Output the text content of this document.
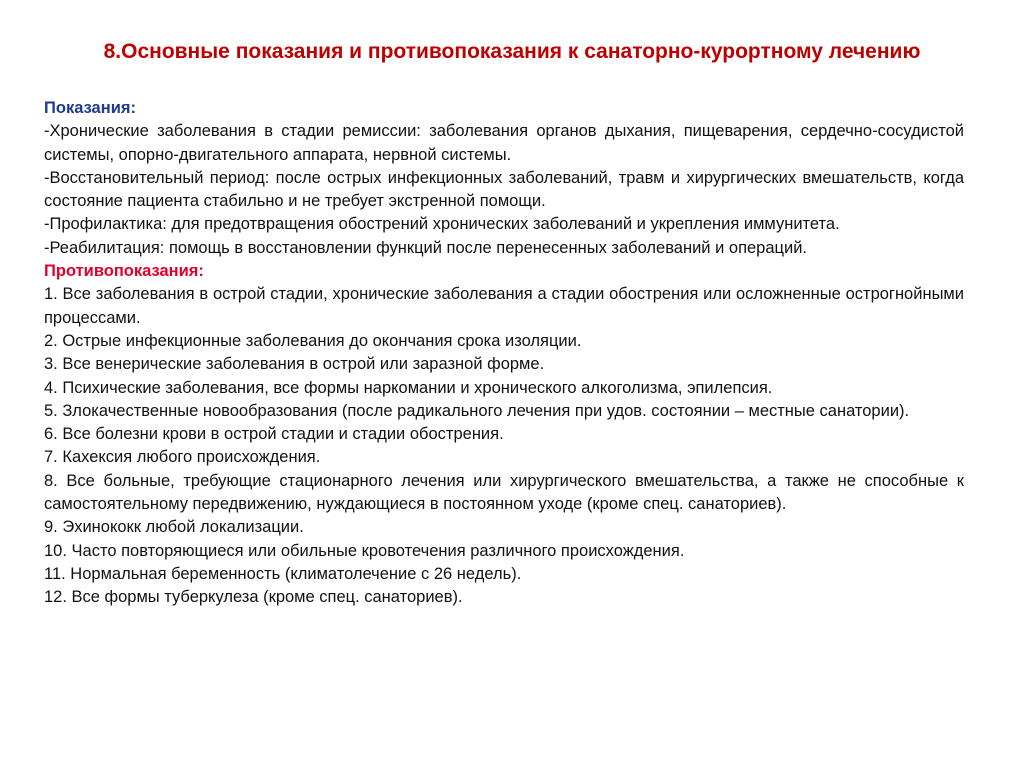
8.Основные показания и противопоказания к санаторно-курортному лечению

Показания:

-Хронические заболевания в стадии ремиссии: заболевания органов дыхания, пищеварения, сердечно-сосудистой системы, опорно-двигательного аппарата, нервной системы.

-Восстановительный период: после острых инфекционных заболеваний, травм и хирургических вмешательств, когда состояние пациента стабильно и не требует экстренной помощи.

-Профилактика: для предотвращения обострений хронических заболеваний и укрепления иммунитета.

-Реабилитация: помощь в восстановлении функций после перенесенных заболеваний и операций.

Противопоказания:

1. Все заболевания в острой стадии, хронические заболевания а стадии обострения или осложненные острогнойными процессами.

2. Острые инфекционные заболевания до окончания срока изоляции.

3. Все венерические заболевания в острой или заразной форме.

4. Психические заболевания, все формы наркомании и хронического алкоголизма, эпилепсия.

5. Злокачественные новообразования (после радикального лечения при удов. состоянии – местные санатории).

6. Все болезни крови в острой стадии и стадии обострения.

7. Кахексия любого происхождения.

8. Все больные, требующие стационарного лечения или хирургического вмешательства, а также не способные к самостоятельному передвижению, нуждающиеся в постоянном уходе (кроме спец. санаториев).

9. Эхинококк любой локализации.

10. Часто повторяющиеся или обильные кровотечения различного происхождения.

11. Нормальная беременность (климатолечение с 26 недель).

12. Все формы туберкулеза (кроме спец. санаториев).
